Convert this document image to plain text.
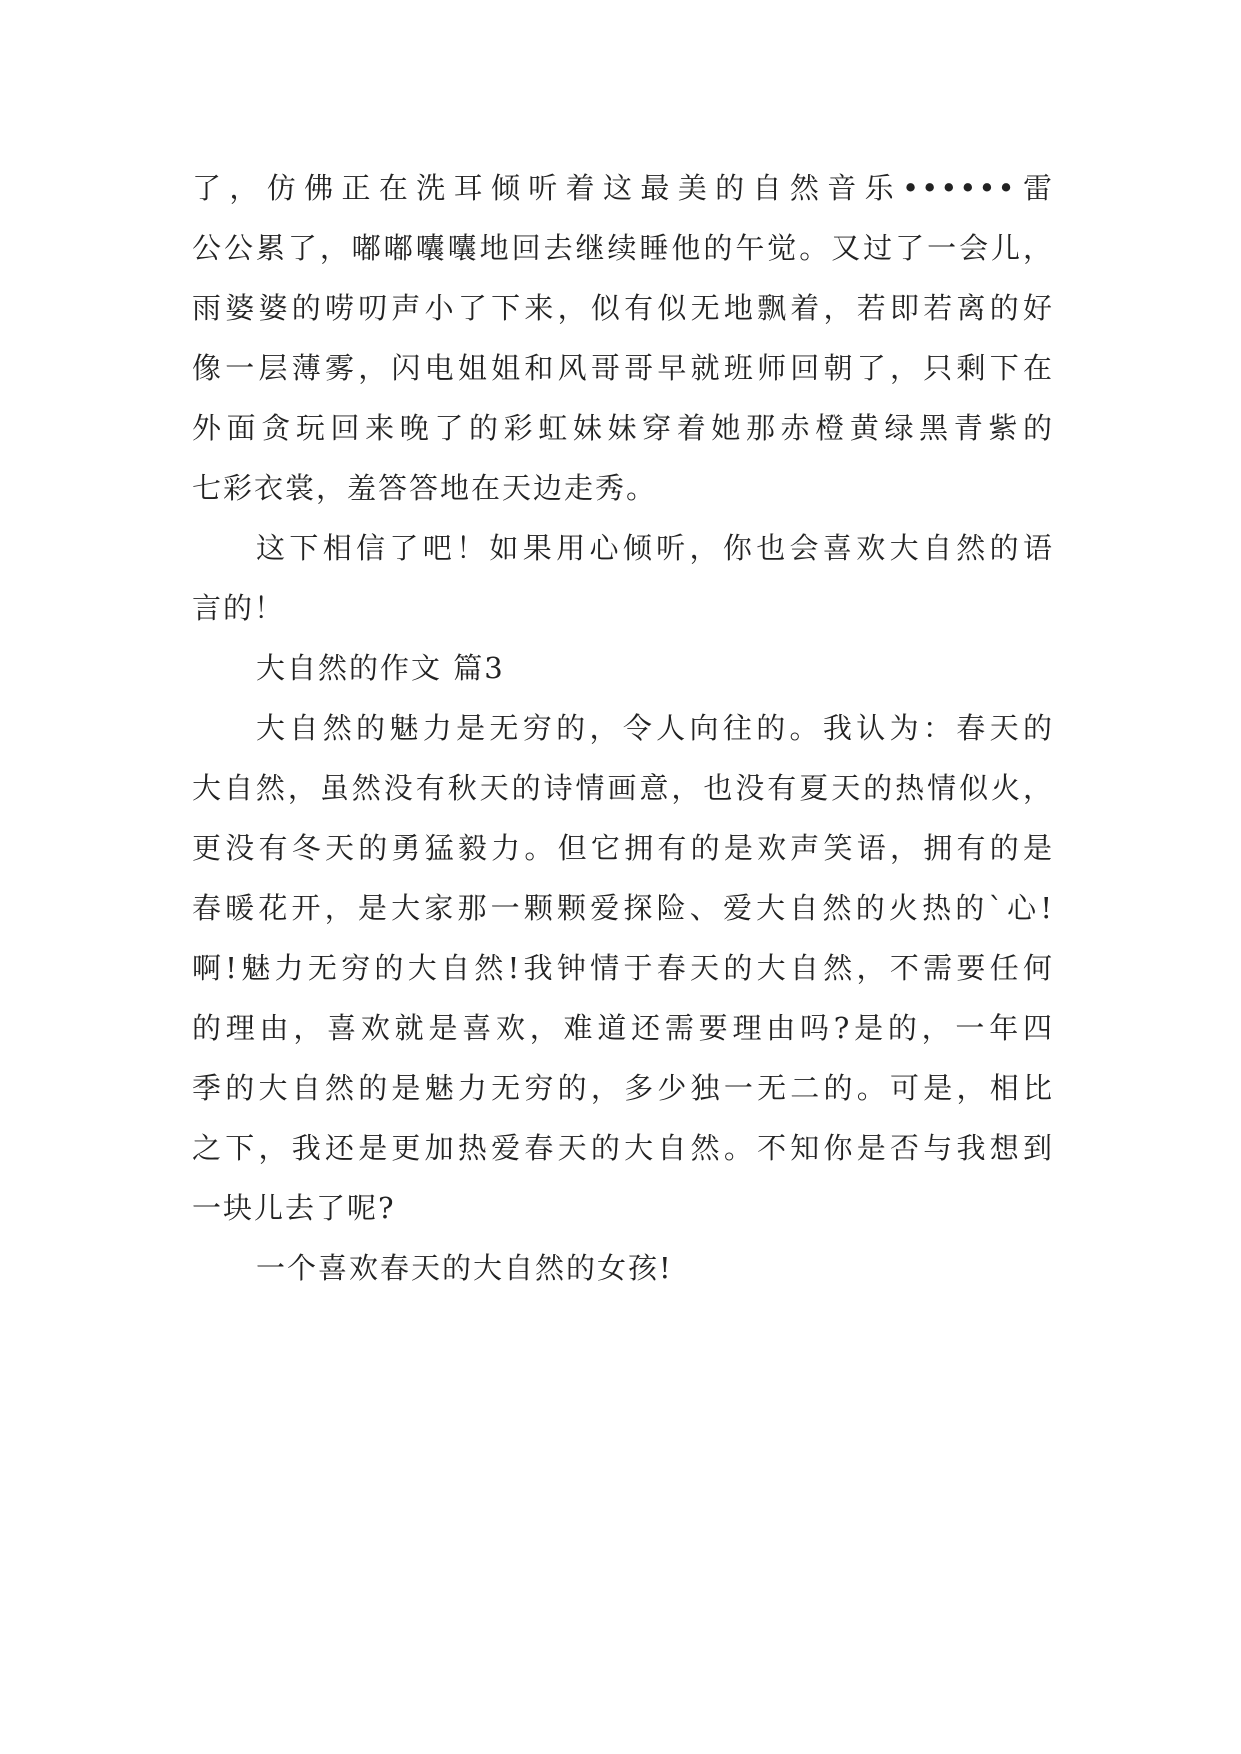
了，仿佛正在洗耳倾听着这最美的自然音乐••••••雷
公公累了，嘟嘟囔囔地回去继续睡他的午觉。又过了一会儿，
雨婆婆的唠叨声小了下来，似有似无地飘着，若即若离的好
像一层薄雾，闪电姐姐和风哥哥早就班师回朝了，只剩下在
外面贪玩回来晚了的彩虹妹妹穿着她那赤橙黄绿黑青紫的
七彩衣裳，羞答答地在天边走秀。
这下相信了吧！如果用心倾听，你也会喜欢大自然的语
言的！
大自然的作文 篇3
大自然的魅力是无穷的，令人向往的。我认为：春天的
大自然，虽然没有秋天的诗情画意，也没有夏天的热情似火，
更没有冬天的勇猛毅力。但它拥有的是欢声笑语，拥有的是
春暖花开，是大家那一颗颗爱探险、爱大自然的火热的`心!
啊!魅力无穷的大自然!我钟情于春天的大自然，不需要任何
的理由，喜欢就是喜欢，难道还需要理由吗?是的，一年四
季的大自然的是魅力无穷的，多少独一无二的。可是，相比
之下，我还是更加热爱春天的大自然。不知你是否与我想到
一块儿去了呢?
一个喜欢春天的大自然的女孩!
